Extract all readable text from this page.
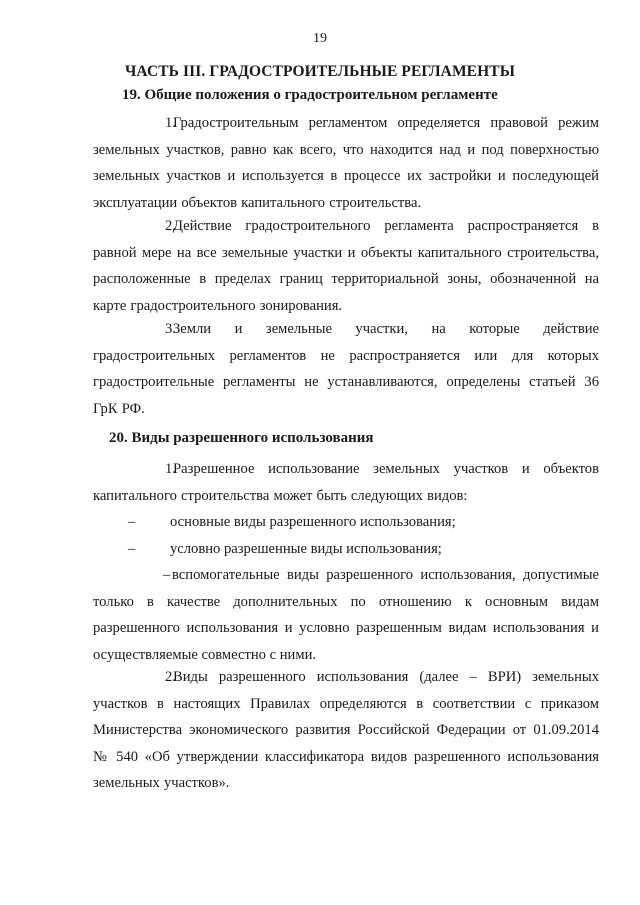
19
ЧАСТЬ III. ГРАДОСТРОИТЕЛЬНЫЕ РЕГЛАМЕНТЫ
19. Общие положения о градостроительном регламенте
1.Градостроительным регламентом определяется правовой режим земельных участков, равно как всего, что находится над и под поверхностью земельных участков и используется в процессе их застройки и последующей эксплуатации объектов капитального строительства.
2.Действие градостроительного регламента распространяется в равной мере на все земельные участки и объекты капитального строительства, расположенные в пределах границ территориальной зоны, обозначенной на карте градостроительного зонирования.
3.Земли и земельные участки, на которые действие градостроительных регламентов не распространяется или для которых градостроительные регламенты не устанавливаются, определены статьей 36 ГрК РФ.
20. Виды разрешенного использования
1.Разрешенное использование земельных участков и объектов капитального строительства может быть следующих видов:
– основные виды разрешенного использования;
– условно разрешенные виды использования;
– вспомогательные виды разрешенного использования, допустимые только в качестве дополнительных по отношению к основным видам разрешенного использования и условно разрешенным видам использования и осуществляемые совместно с ними.
2.Виды разрешенного использования (далее – ВРИ) земельных участков в настоящих Правилах определяются в соответствии с приказом Министерства экономического развития Российской Федерации от 01.09.2014 № 540 «Об утверждении классификатора видов разрешенного использования земельных участков».
